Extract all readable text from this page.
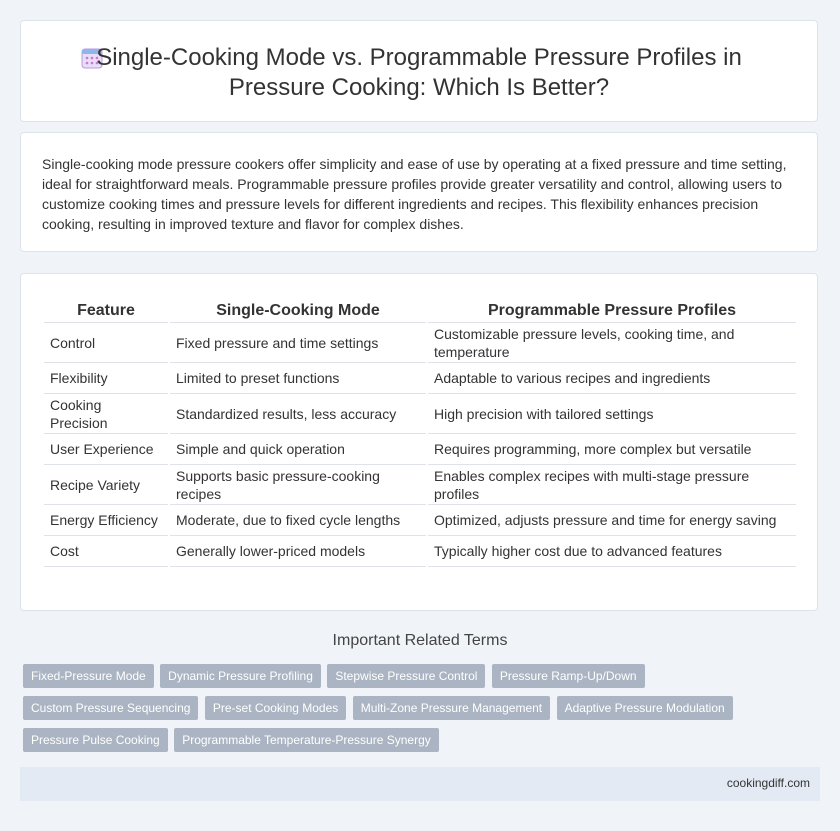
Single-Cooking Mode vs. Programmable Pressure Profiles in
Pressure Cooking: Which Is Better?

Single-cooking mode pressure cookers offer simplicity and ease of use by operating at a fixed pressure and time setting, ideal for straightforward meals. Programmable pressure profiles provide greater versatility and control, allowing users to customize cooking times and pressure levels for different ingredients and recipes. This flexibility enhances precision cooking, resulting in improved texture and flavor for complex dishes.

Feature	Single-Cooking Mode	Programmable Pressure Profiles
Control	Fixed pressure and time settings	Customizable pressure levels, cooking time, and temperature
Flexibility	Limited to preset functions	Adaptable to various recipes and ingredients
Cooking Precision	Standardized results, less accuracy	High precision with tailored settings
User Experience	Simple and quick operation	Requires programming, more complex but versatile
Recipe Variety	Supports basic pressure-cooking recipes	Enables complex recipes with multi-stage pressure profiles
Energy Efficiency	Moderate, due to fixed cycle lengths	Optimized, adjusts pressure and time for energy saving
Cost	Generally lower-priced models	Typically higher cost due to advanced features
Important Related Terms
Fixed-Pressure Mode Dynamic Pressure Profiling Stepwise Pressure Control Pressure Ramp-Up/Down Custom Pressure Sequencing Pre-set Cooking Modes Multi-Zone Pressure Management Adaptive Pressure Modulation Pressure Pulse Cooking Programmable Temperature-Pressure Synergy
cookingdiff.com
